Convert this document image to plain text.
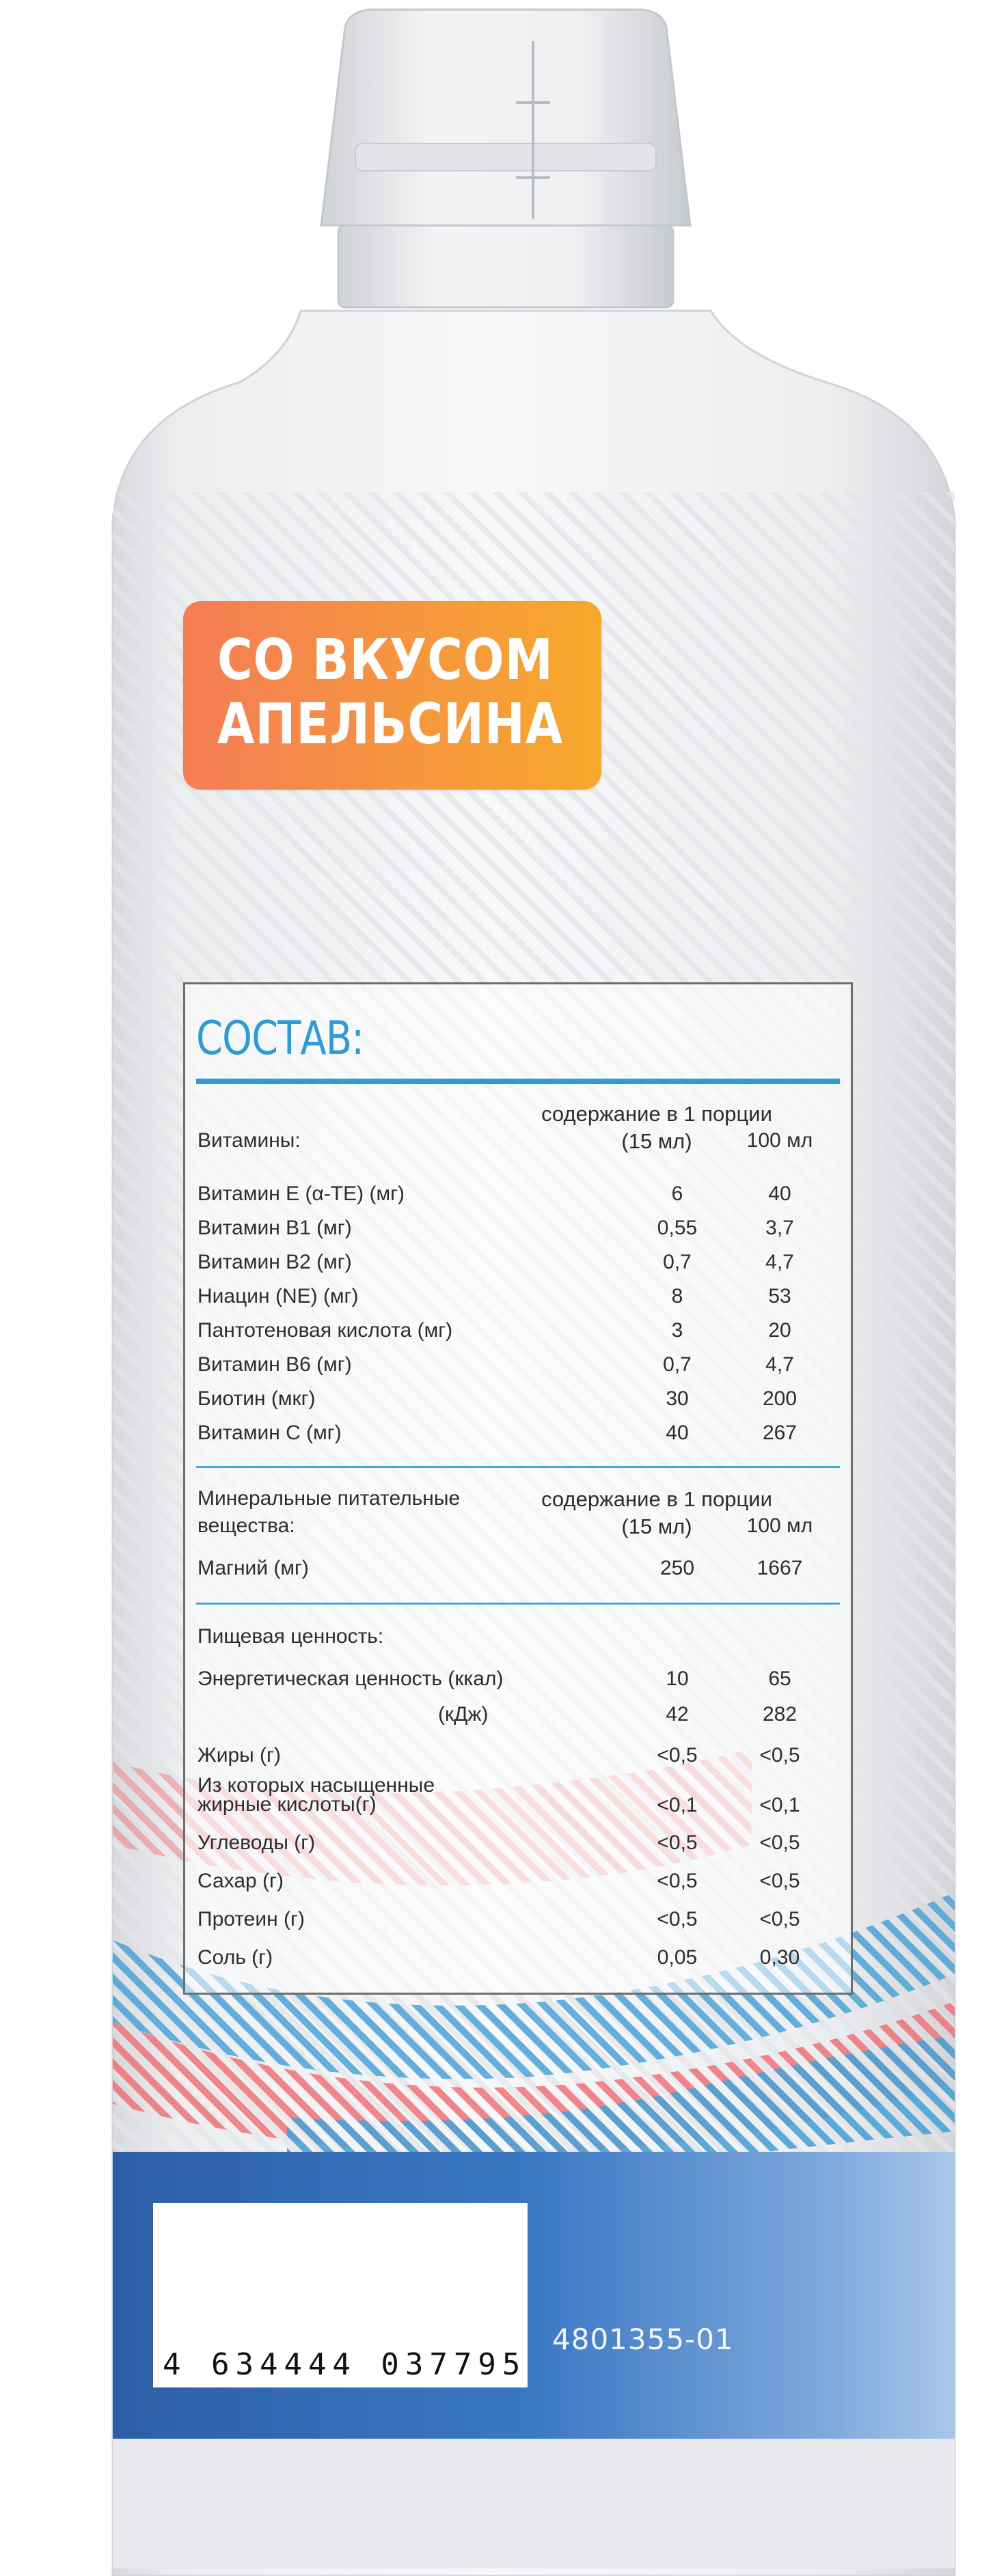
СО ВКУСОМ
АПЕЛЬСИНА
СОСТАВ:
содержание в 1 порции
Витамины:	(15 мл)	100 мл
Витамин Е (α-ТЕ) (мг)	6	40
Витамин В1 (мг)	0,55	3,7
Витамин В2 (мг)	0,7	4,7
Ниацин (NE) (мг)	8	53
Пантотеновая кислота (мг)	3	20
Витамин В6 (мг)	0,7	4,7
Биотин (мкг)	30	200
Витамин С (мг)	40	267
Минеральные питательные	содержание в 1 порции
вещества:	(15 мл)	100 мл
Магний (мг)	250	1667
Пищевая ценность:
Энергетическая ценность (ккал)	10	65
(кДж)	42	282
Жиры (г)	<0,5	<0,5
Из которых насыщенные
жирные кислоты(г)	<0,1	<0,1
Углеводы (г)	<0,5	<0,5
Сахар (г)	<0,5	<0,5
Протеин (г)	<0,5	<0,5
Соль (г)	0,05	0,30
4 634444 037795
4801355-01
